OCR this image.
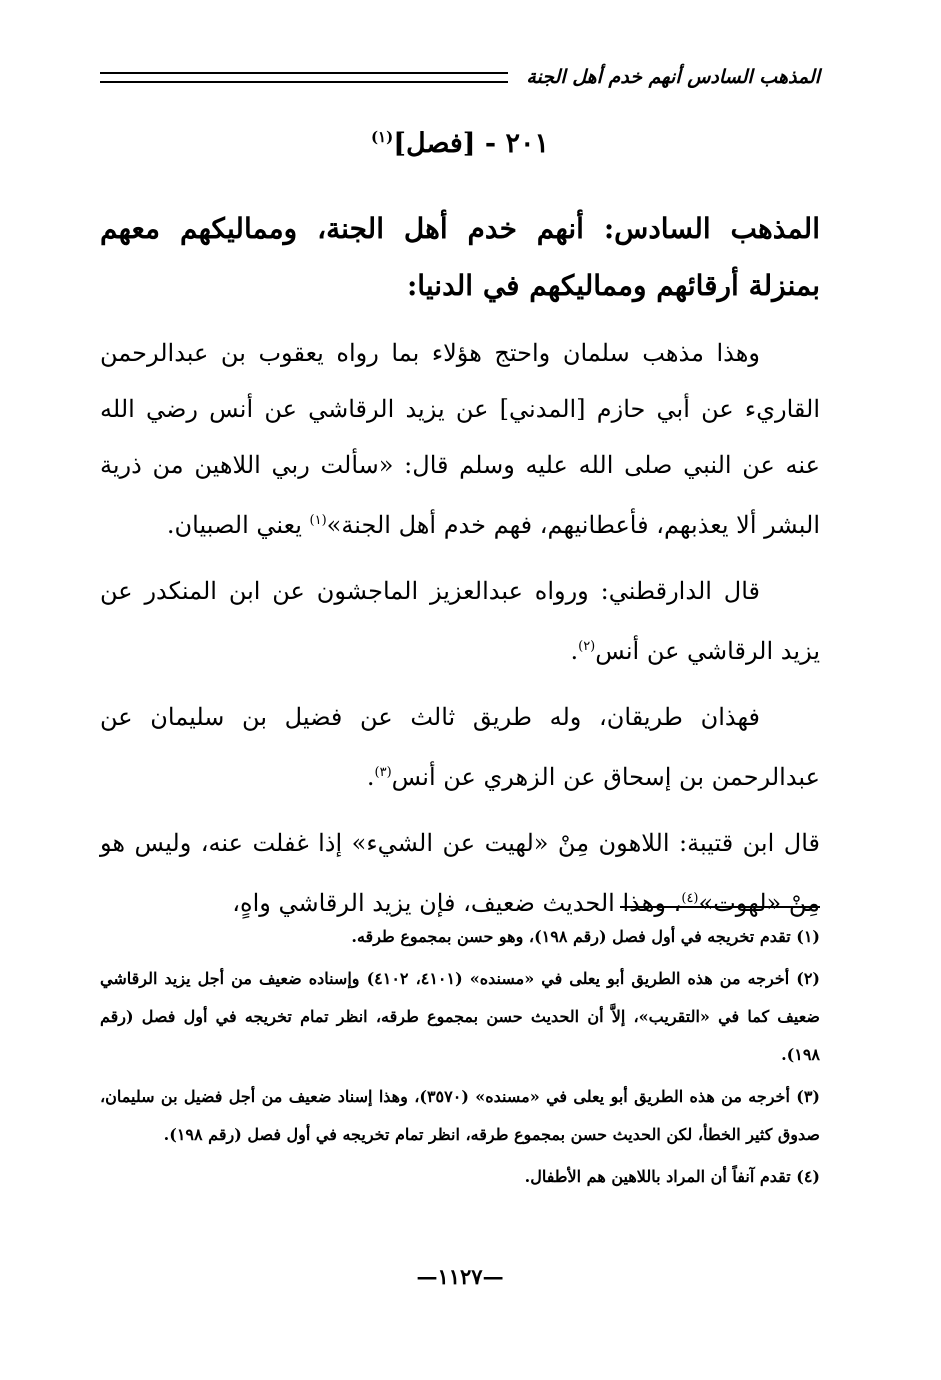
المذهب السادس أنهم خدم أهل الجنة
٢٠١ - [فصل]$^{(١)}$
المذهب السادس: أنهم خدم أهل الجنة، ومماليكهم معهم بمنزلة أرقائهم ومماليكهم في الدنيا:

وهذا مذهب سلمان واحتج هؤلاء بما رواه يعقوب بن عبدالرحمن القاريء عن أبي حازم [المدني] عن يزيد الرقاشي عن أنس رضي الله عنه عن النبي صلى الله عليه وسلم قال: «سألت ربي اللاهين من ذرية البشر ألا يعذبهم، فأعطانيهم، فهم خدم أهل الجنة»$^{(١)}$ يعني الصبيان.

قال الدارقطني: ورواه عبدالعزيز الماجشون عن ابن المنكدر عن يزيد الرقاشي عن أنس$^{(٢)}$.

فهذان طريقان، وله طريق ثالث عن فضيل بن سليمان عن عبدالرحمن بن إسحاق عن الزهري عن أنس$^{(٣)}$.

قال ابن قتيبة: اللاهون مِنْ «لهيت عن الشيء» إذا غفلت عنه، وليس هو مِنْ «لهوت»$^{(٤)}$، وهذا الحديث ضعيف، فإن يزيد الرقاشي واهٍ،

(١) تقدم تخريجه في أول فصل (رقم ١٩٨)، وهو حسن بمجموع طرقه.

(٢) أخرجه من هذه الطريق أبو يعلى في «مسنده» (٤١٠١، ٤١٠٢) وإسناده ضعيف من أجل يزيد الرقاشي ضعيف كما في «التقريب»، إلاَّ أن الحديث حسن بمجموع طرقه، انظر تمام تخريجه في أول فصل (رقم ١٩٨).

(٣) أخرجه من هذه الطريق أبو يعلى في «مسنده» (٣٥٧٠)، وهذا إسناد ضعيف من أجل فضيل بن سليمان، صدوق كثير الخطأ، لكن الحديث حسن بمجموع طرقه، انظر تمام تخريجه في أول فصل (رقم ١٩٨).

(٤) تقدم آنفاً أن المراد باللاهين هم الأطفال.

—١١٢٧—
